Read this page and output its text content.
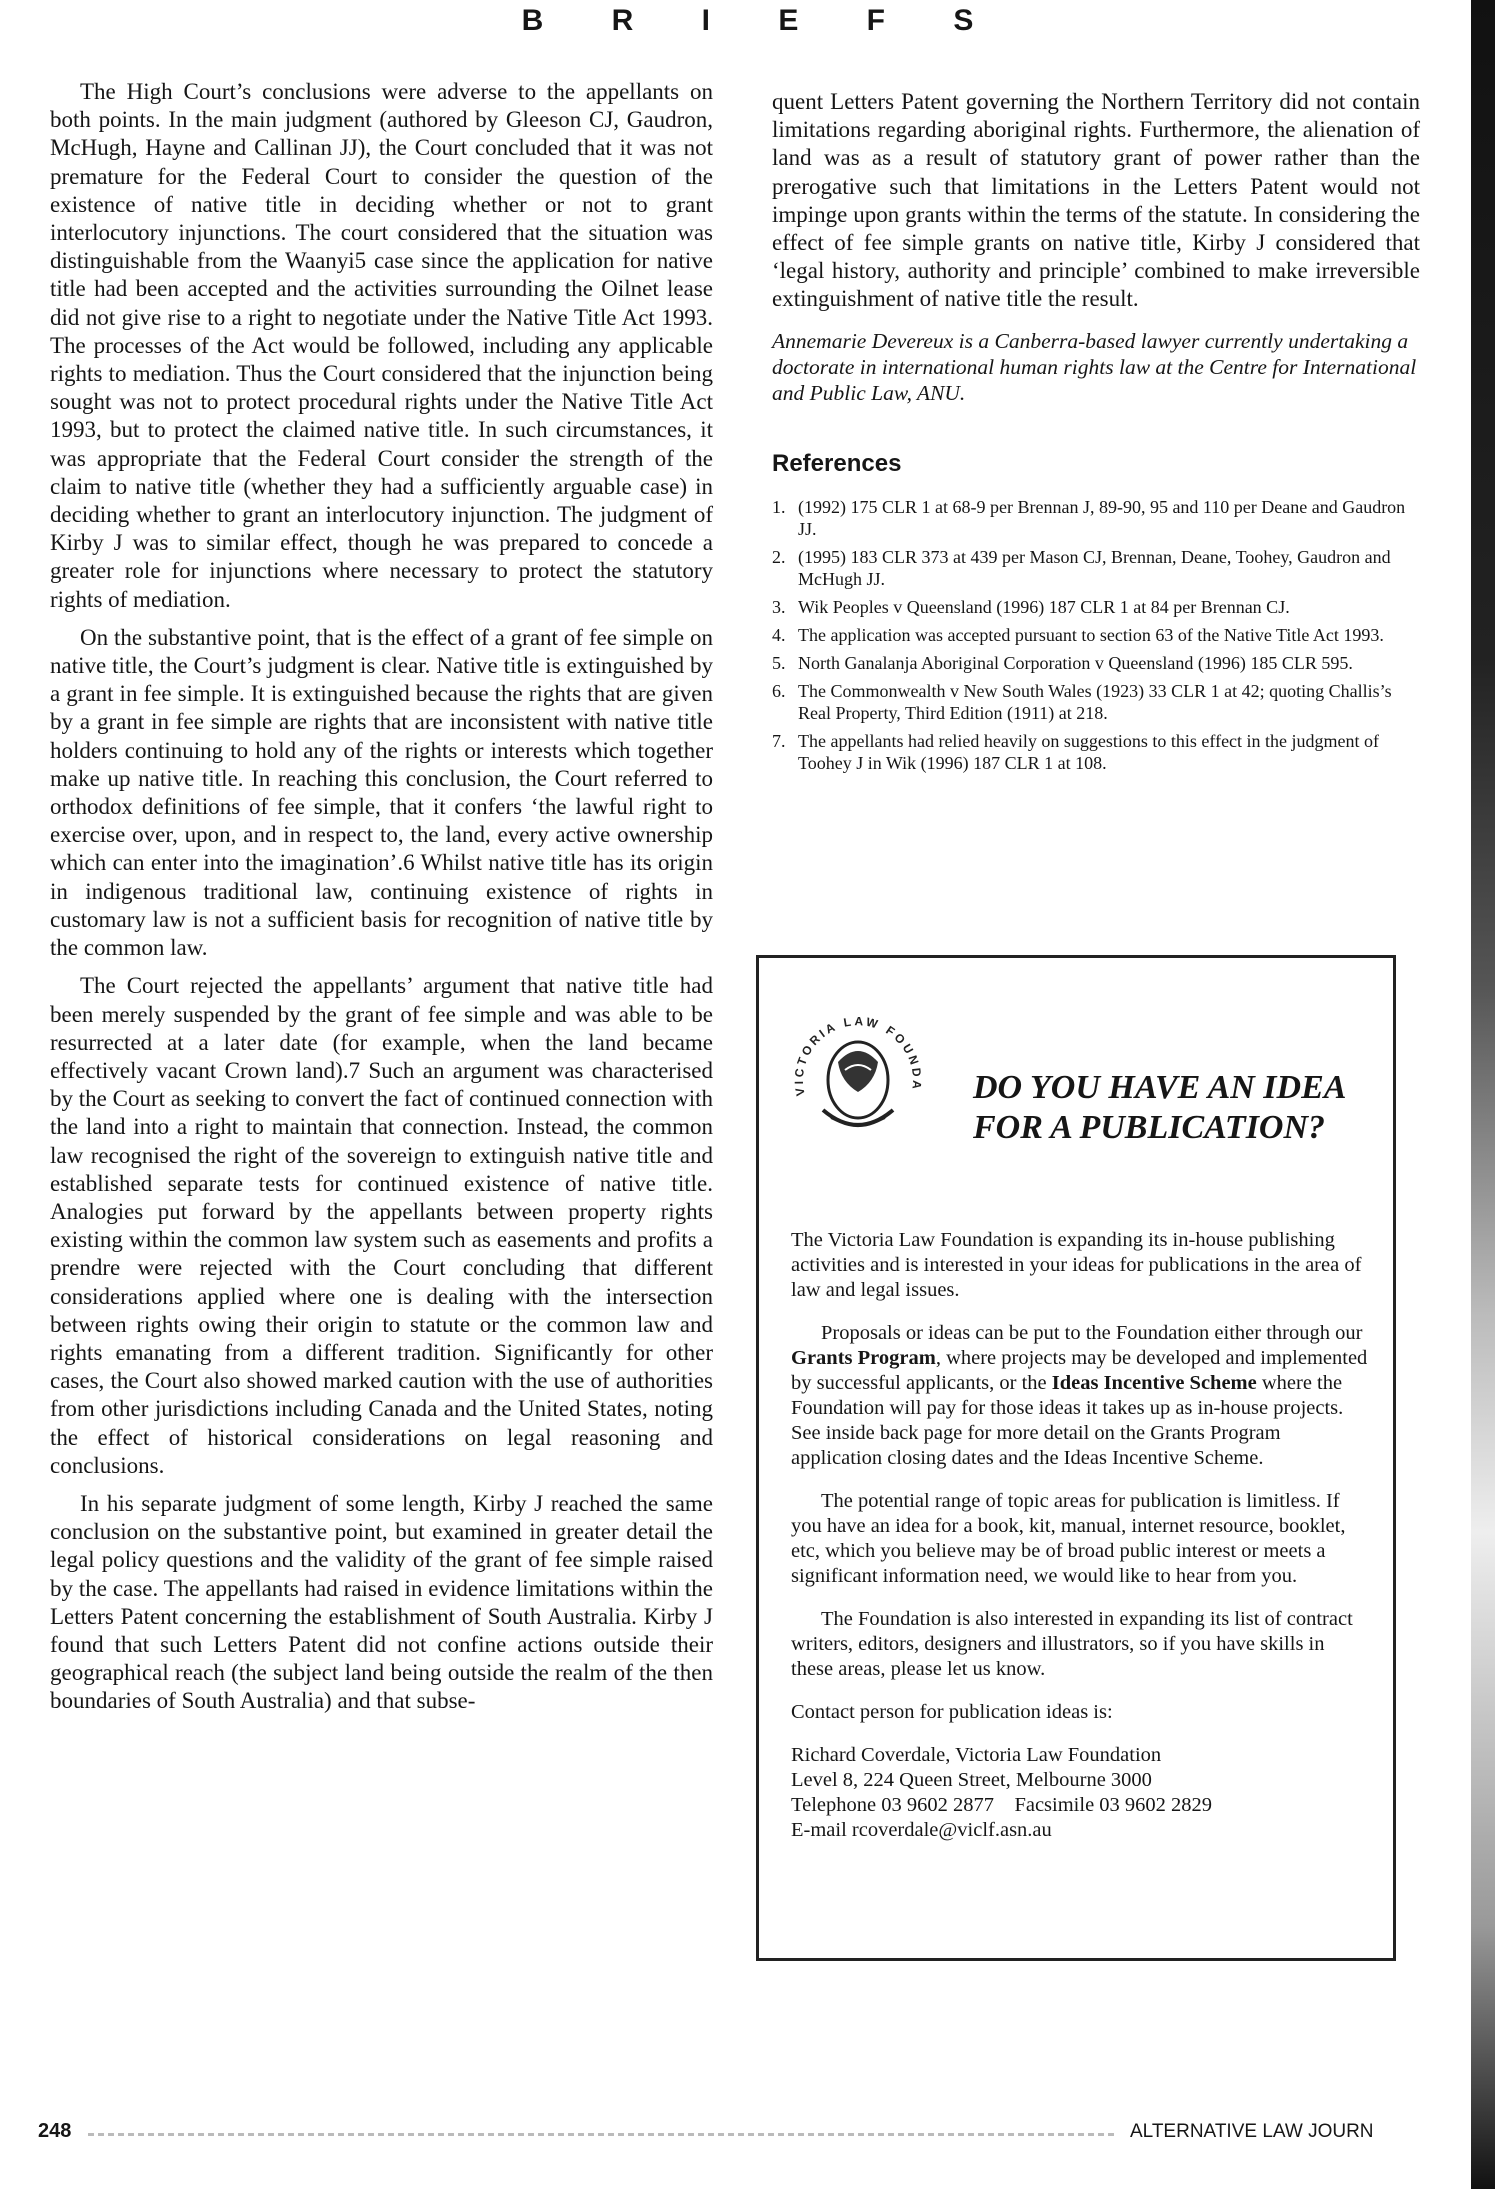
B R I E F S

The High Court’s conclusions were adverse to the appellants on both points. In the main judgment (authored by Gleeson CJ, Gaudron, McHugh, Hayne and Callinan JJ), the Court concluded that it was not premature for the Federal Court to consider the question of the existence of native title in deciding whether or not to grant interlocutory injunctions. The court considered that the situation was distinguishable from the Waanyi5 case since the application for native title had been accepted and the activities surrounding the Oilnet lease did not give rise to a right to negotiate under the Native Title Act 1993. The processes of the Act would be followed, including any applicable rights to mediation. Thus the Court considered that the injunction being sought was not to protect procedural rights under the Native Title Act 1993, but to protect the claimed native title. In such circumstances, it was appropriate that the Federal Court consider the strength of the claim to native title (whether they had a sufficiently arguable case) in deciding whether to grant an interlocutory injunction. The judgment of Kirby J was to similar effect, though he was prepared to concede a greater role for injunctions where necessary to protect the statutory rights of mediation.

On the substantive point, that is the effect of a grant of fee simple on native title, the Court’s judgment is clear. Native title is extinguished by a grant in fee simple. It is extinguished because the rights that are given by a grant in fee simple are rights that are inconsistent with native title holders continuing to hold any of the rights or interests which together make up native title. In reaching this conclusion, the Court referred to orthodox definitions of fee simple, that it confers ‘the lawful right to exercise over, upon, and in respect to, the land, every active ownership which can enter into the imagination’.6 Whilst native title has its origin in indigenous traditional law, continuing existence of rights in customary law is not a sufficient basis for recognition of native title by the common law.

The Court rejected the appellants’ argument that native title had been merely suspended by the grant of fee simple and was able to be resurrected at a later date (for example, when the land became effectively vacant Crown land).7 Such an argument was characterised by the Court as seeking to convert the fact of continued connection with the land into a right to maintain that connection. Instead, the common law recognised the right of the sovereign to extinguish native title and established separate tests for continued existence of native title. Analogies put forward by the appellants between property rights existing within the common law system such as easements and profits a prendre were rejected with the Court concluding that different considerations applied where one is dealing with the intersection between rights owing their origin to statute or the common law and rights emanating from a different tradition. Significantly for other cases, the Court also showed marked caution with the use of authorities from other jurisdictions including Canada and the United States, noting the effect of historical considerations on legal reasoning and conclusions.

In his separate judgment of some length, Kirby J reached the same conclusion on the substantive point, but examined in greater detail the legal policy questions and the validity of the grant of fee simple raised by the case. The appellants had raised in evidence limitations within the Letters Patent concerning the establishment of South Australia. Kirby J found that such Letters Patent did not confine actions outside their geographical reach (the subject land being outside the realm of the then boundaries of South Australia) and that subse-

quent Letters Patent governing the Northern Territory did not contain limitations regarding aboriginal rights. Furthermore, the alienation of land was as a result of statutory grant of power rather than the prerogative such that limitations in the Letters Patent would not impinge upon grants within the terms of the statute. In considering the effect of fee simple grants on native title, Kirby J considered that ‘legal history, authority and principle’ combined to make irreversible extinguishment of native title the result.

Annemarie Devereux is a Canberra-based lawyer currently undertaking a doctorate in international human rights law at the Centre for International and Public Law, ANU.

References
1. (1992) 175 CLR 1 at 68-9 per Brennan J, 89-90, 95 and 110 per Deane and Gaudron JJ.
2. (1995) 183 CLR 373 at 439 per Mason CJ, Brennan, Deane, Toohey, Gaudron and McHugh JJ.
3. Wik Peoples v Queensland (1996) 187 CLR 1 at 84 per Brennan CJ.
4. The application was accepted pursuant to section 63 of the Native Title Act 1993.
5. North Ganalanja Aboriginal Corporation v Queensland (1996) 185 CLR 595.
6. The Commonwealth v New South Wales (1923) 33 CLR 1 at 42; quoting Challis’s Real Property, Third Edition (1911) at 218.
7. The appellants had relied heavily on suggestions to this effect in the judgment of Toohey J in Wik (1996) 187 CLR 1 at 108.
VICTORIA LAW FOUNDA DO YOU HAVE AN IDEA
FOR A PUBLICATION?

The Victoria Law Foundation is expanding its in-house publishing activities and is interested in your ideas for publications in the area of law and legal issues.

Proposals or ideas can be put to the Foundation either through our Grants Program, where projects may be developed and implemented by successful applicants, or the Ideas Incentive Scheme where the Foundation will pay for those ideas it takes up as in-house projects. See inside back page for more detail on the Grants Program application closing dates and the Ideas Incentive Scheme.

The potential range of topic areas for publication is limitless. If you have an idea for a book, kit, manual, internet resource, booklet, etc, which you believe may be of broad public interest or meets a significant information need, we would like to hear from you.

The Foundation is also interested in expanding its list of contract writers, editors, designers and illustrators, so if you have skills in these areas, please let us know.

Contact person for publication ideas is:

Richard Coverdale, Victoria Law Foundation
Level 8, 224 Queen Street, Melbourne 3000
Telephone 03 9602 2877    Facsimile 03 9602 2829
E-mail rcoverdale@viclf.asn.au
248	ALTERNATIVE LAW JOURN
